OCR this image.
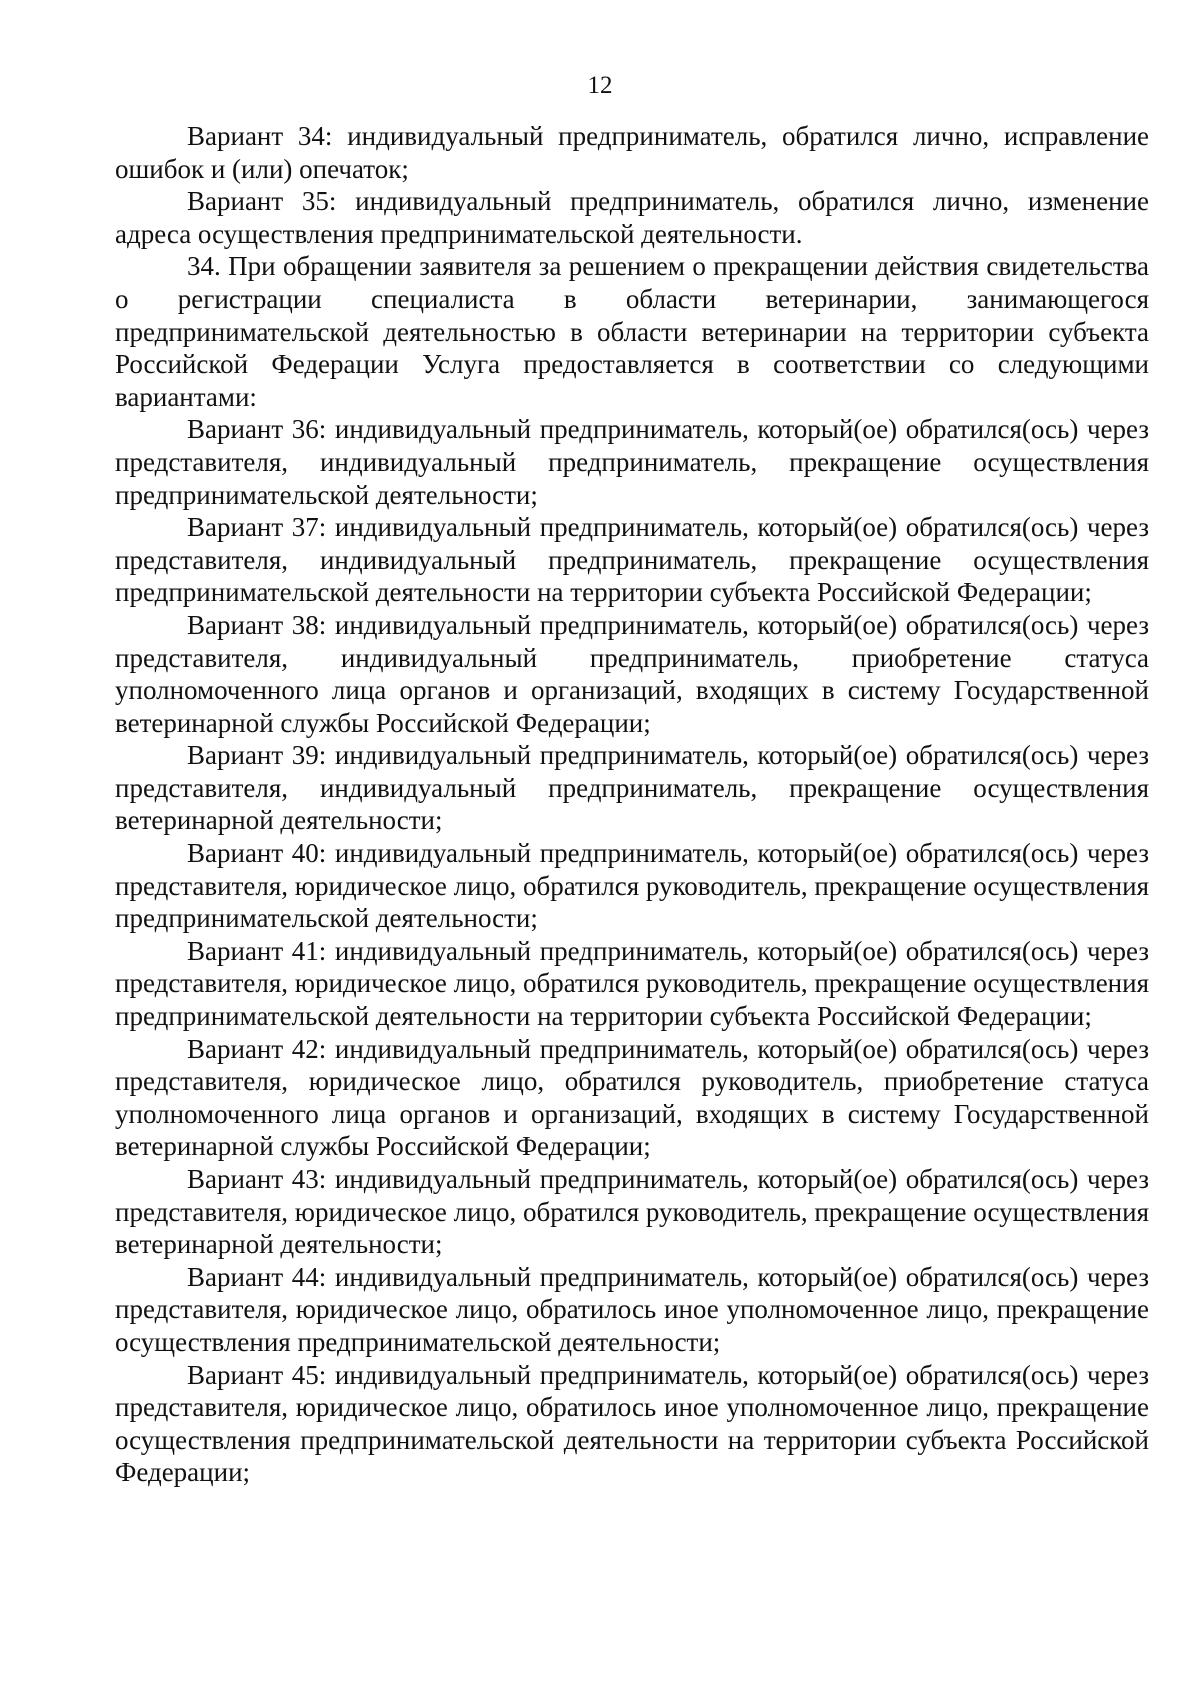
12

Вариант 34: индивидуальный предприниматель, обратился лично, исправление ошибок и (или) опечаток;

Вариант 35: индивидуальный предприниматель, обратился лично, изменение адреса осуществления предпринимательской деятельности.

34. При обращении заявителя за решением о прекращении действия свидетельства о регистрации специалиста в области ветеринарии, занимающегося предпринимательской деятельностью в области ветеринарии на территории субъекта Российской Федерации Услуга предоставляется в соответствии со следующими вариантами:

Вариант 36: индивидуальный предприниматель, который(ое) обратился(ось) через представителя, индивидуальный предприниматель, прекращение осуществления предпринимательской деятельности;

Вариант 37: индивидуальный предприниматель, который(ое) обратился(ось) через представителя, индивидуальный предприниматель, прекращение осуществления предпринимательской деятельности на территории субъекта Российской Федерации;

Вариант 38: индивидуальный предприниматель, который(ое) обратился(ось) через представителя, индивидуальный предприниматель, приобретение статуса уполномоченного лица органов и организаций, входящих в систему Государственной ветеринарной службы Российской Федерации;

Вариант 39: индивидуальный предприниматель, который(ое) обратился(ось) через представителя, индивидуальный предприниматель, прекращение осуществления ветеринарной деятельности;

Вариант 40: индивидуальный предприниматель, который(ое) обратился(ось) через представителя, юридическое лицо, обратился руководитель, прекращение осуществления предпринимательской деятельности;

Вариант 41: индивидуальный предприниматель, который(ое) обратился(ось) через представителя, юридическое лицо, обратился руководитель, прекращение осуществления предпринимательской деятельности на территории субъекта Российской Федерации;

Вариант 42: индивидуальный предприниматель, который(ое) обратился(ось) через представителя, юридическое лицо, обратился руководитель, приобретение статуса уполномоченного лица органов и организаций, входящих в систему Государственной ветеринарной службы Российской Федерации;

Вариант 43: индивидуальный предприниматель, который(ое) обратился(ось) через представителя, юридическое лицо, обратился руководитель, прекращение осуществления ветеринарной деятельности;

Вариант 44: индивидуальный предприниматель, который(ое) обратился(ось) через представителя, юридическое лицо, обратилось иное уполномоченное лицо, прекращение осуществления предпринимательской деятельности;

Вариант 45: индивидуальный предприниматель, который(ое) обратился(ось) через представителя, юридическое лицо, обратилось иное уполномоченное лицо, прекращение осуществления предпринимательской деятельности на территории субъекта Российской Федерации;
